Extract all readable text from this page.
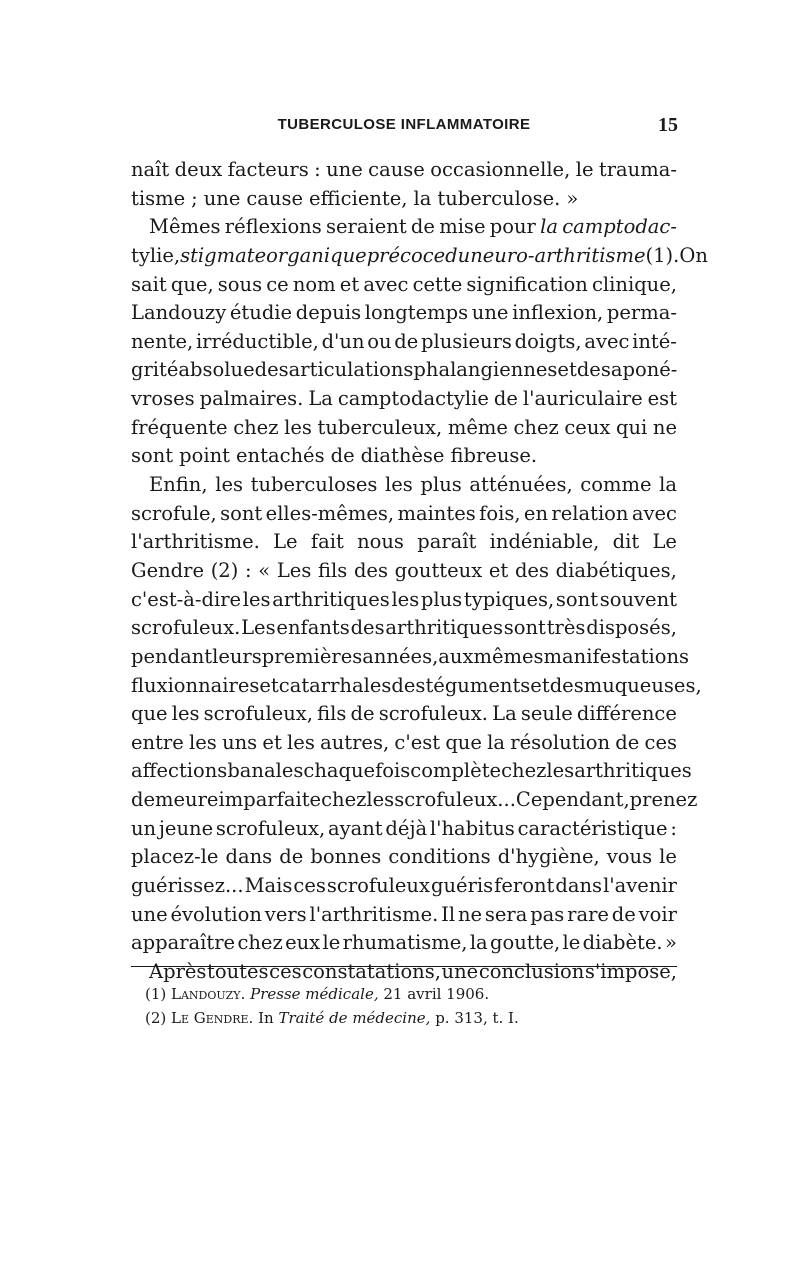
TUBERCULOSE INFLAMMATOIRE	15
naît deux facteurs : une cause occasionnelle, le trauma-
tisme ; une cause efficiente, la tuberculose. »
Mêmes réflexions seraient de mise pour la camptodac-
tylie, stigmate organique précoce du neuro-arthritisme (1). On
sait que, sous ce nom et avec cette signification clinique,
Landouzy étudie depuis longtemps une inflexion, perma-
nente, irréductible, d'un ou de plusieurs doigts, avec inté-
grité absolue des articulations phalangiennes et des aponé-
vroses palmaires. La camptodactylie de l'auriculaire est
fréquente chez les tuberculeux, même chez ceux qui ne
sont point entachés de diathèse fibreuse.
Enfin, les tuberculoses les plus atténuées, comme la
scrofule, sont elles-mêmes, maintes fois, en relation avec
l'arthritisme. Le fait nous paraît indéniable, dit Le
Gendre (2) : « Les fils des goutteux et des diabétiques,
c'est-à-dire les arthritiques les plus typiques, sont souvent
scrofuleux. Les enfants des arthritiques sont très disposés,
pendant leurs premières années, aux mêmes manifestations
fluxionnaires et catarrhales des téguments et des muqueuses,
que les scrofuleux, fils de scrofuleux. La seule différence
entre les uns et les autres, c'est que la résolution de ces
affections banales chaque fois complète chez les arthritiques
demeure imparfaite chez les scrofuleux... Cependant, prenez
un jeune scrofuleux, ayant déjà l'habitus caractéristique :
placez-le dans de bonnes conditions d'hygiène, vous le
guérissez... Mais ces scrofuleux guéris feront dans l'avenir
une évolution vers l'arthritisme. Il ne sera pas rare de voir
apparaître chez eux le rhumatisme, la goutte, le diabète. »
Après toutes ces constatations, une conclusion s'impose,
(1) Landouzy. Presse médicale, 21 avril 1906.
(2) Le Gendre. In Traité de médecine, p. 313, t. I.
